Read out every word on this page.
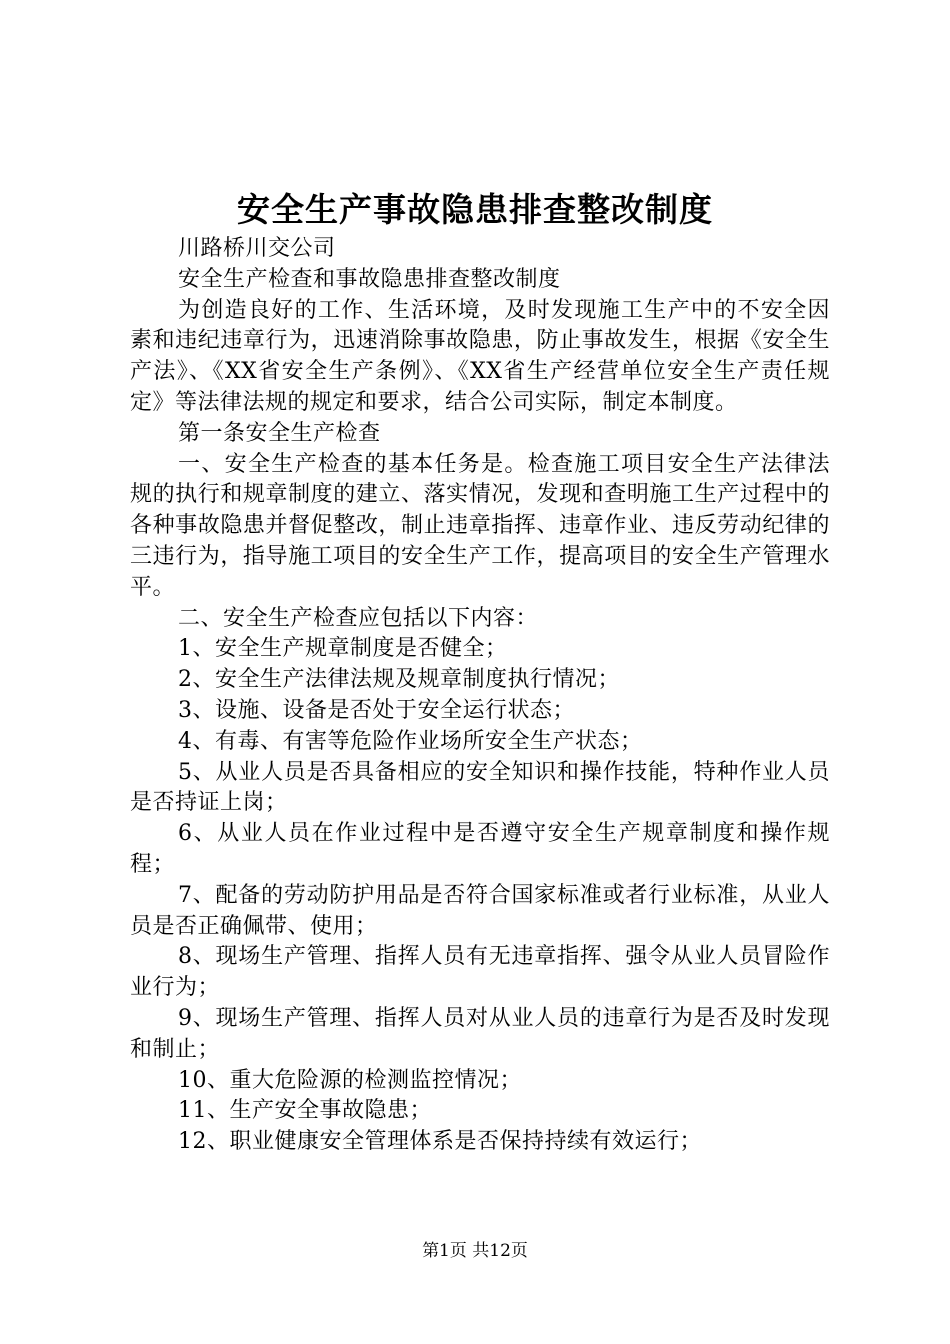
安全生产事故隐患排查整改制度

川路桥川交公司

安全生产检查和事故隐患排查整改制度

为创造良好的工作、生活环境，及时发现施工生产中的不安全因素和违纪违章行为，迅速消除事故隐患，防止事故发生，根据《安全生产法》、《XX省安全生产条例》、《XX省生产经营单位安全生产责任规定》等法律法规的规定和要求，结合公司实际，制定本制度。

第一条安全生产检查

一、安全生产检查的基本任务是。检查施工项目安全生产法律法规的执行和规章制度的建立、落实情况，发现和查明施工生产过程中的各种事故隐患并督促整改，制止违章指挥、违章作业、违反劳动纪律的三违行为，指导施工项目的安全生产工作，提高项目的安全生产管理水平。

二、安全生产检查应包括以下内容：

1、安全生产规章制度是否健全；

2、安全生产法律法规及规章制度执行情况；

3、设施、设备是否处于安全运行状态；

4、有毒、有害等危险作业场所安全生产状态；

5、从业人员是否具备相应的安全知识和操作技能，特种作业人员是否持证上岗；

6、从业人员在作业过程中是否遵守安全生产规章制度和操作规程；

7、配备的劳动防护用品是否符合国家标准或者行业标准，从业人员是否正确佩带、使用；

8、现场生产管理、指挥人员有无违章指挥、强令从业人员冒险作业行为；

9、现场生产管理、指挥人员对从业人员的违章行为是否及时发现和制止；

10、重大危险源的检测监控情况；

11、生产安全事故隐患；

12、职业健康安全管理体系是否保持持续有效运行；

第1页 共12页
